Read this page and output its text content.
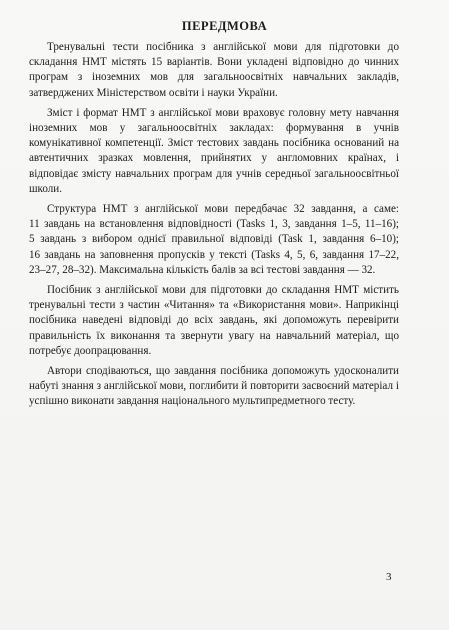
ПЕРЕДМОВА

Тренувальні тести посібника з англійської мови для підготовки до складання НМТ містять 15 варіантів. Вони укладені відповідно до чинних програм з іноземних мов для загальноосвітніх навчальних закладів, затверджених Міністерством освіти і науки України.

Зміст і формат НМТ з англійської мови враховує головну мету навчання іноземних мов у загальноосвітніх закладах: формування в учнів комунікативної компетенції. Зміст тестових завдань посібника оснований на автентичних зразках мовлення, прийнятих у англомовних країнах, і відповідає змісту навчальних програм для учнів середньої загальноосвітньої школи.

Структура НМТ з англійської мови передбачає 32 завдання, а саме:

11 завдань на встановлення відповідності (Tasks 1, 3, завдання 1–5, 11–16);

5 завдань з вибором однієї правильної відповіді (Task 1, завдання 6–10);

16 завдань на заповнення пропусків у тексті (Tasks 4, 5, 6, завдання 17–22,

23–27, 28–32). Максимальна кількість балів за всі тестові завдання — 32.

Посібник з англійської мови для підготовки до складання НМТ містить тренувальні тести з частин «Читання» та «Використання мови». Наприкінці посібника наведені відповіді до всіх завдань, які допоможуть перевірити правильність їх виконання та звернути увагу на навчальний матеріал, що потребує доопрацювання.

Автори сподіваються, що завдання посібника допоможуть удосконалити набуті знання з англійської мови, поглибити й повторити засвоєний матеріал і успішно виконати завдання національного мультипредметного тесту.

3
